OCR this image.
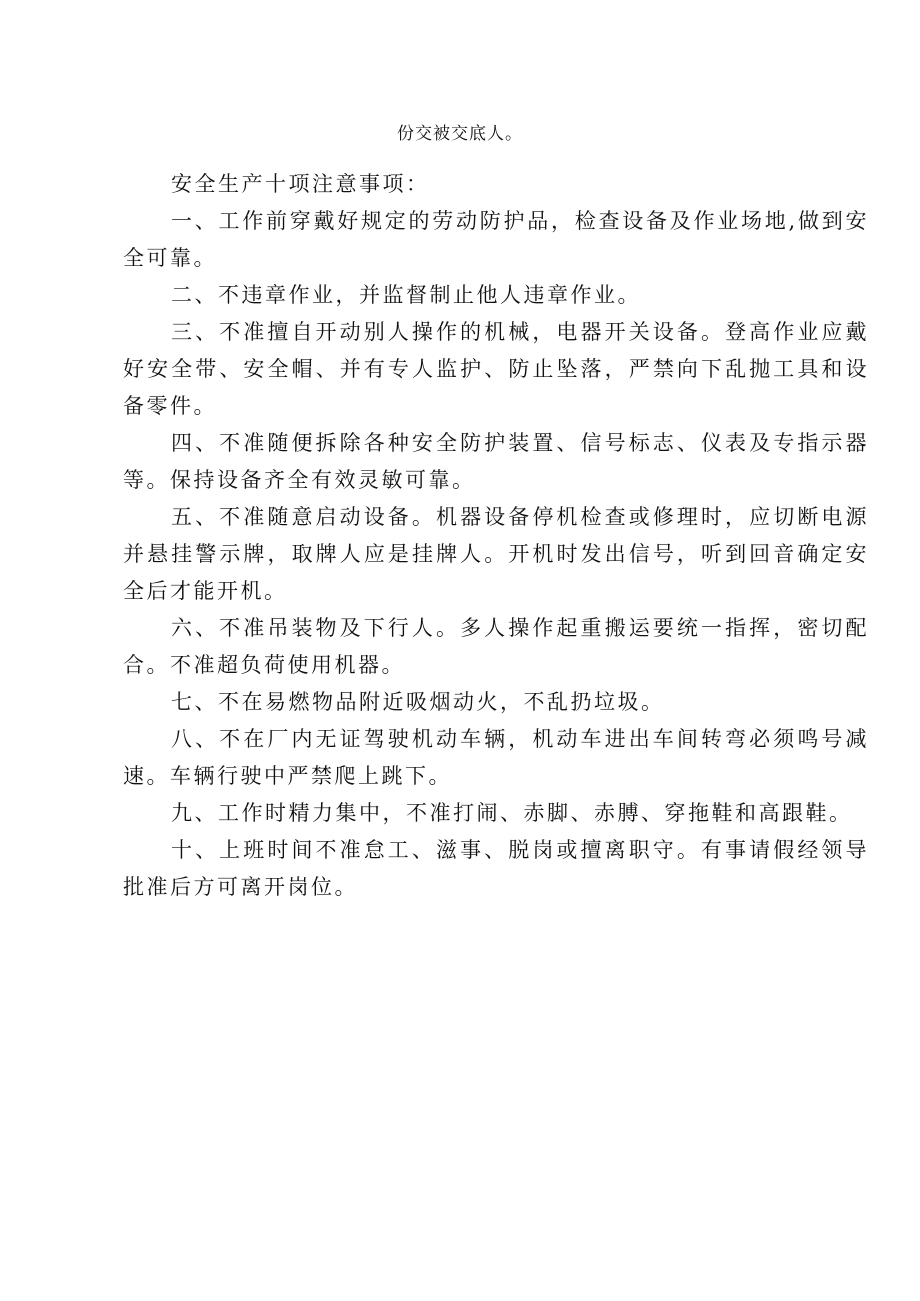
份交被交底人。

安全生产十项注意事项：

一、工作前穿戴好规定的劳动防护品，检查设备及作业场地,做到安全可靠。

二、不违章作业，并监督制止他人违章作业。

三、不准擅自开动别人操作的机械，电器开关设备。登高作业应戴好安全带、安全帽、并有专人监护、防止坠落，严禁向下乱抛工具和设备零件。

四、不准随便拆除各种安全防护装置、信号标志、仪表及专指示器等。保持设备齐全有效灵敏可靠。

五、不准随意启动设备。机器设备停机检查或修理时，应切断电源并悬挂警示牌，取牌人应是挂牌人。开机时发出信号，听到回音确定安全后才能开机。

六、不准吊装物及下行人。多人操作起重搬运要统一指挥，密切配合。不准超负荷使用机器。

七、不在易燃物品附近吸烟动火，不乱扔垃圾。

八、不在厂内无证驾驶机动车辆，机动车进出车间转弯必须鸣号减速。车辆行驶中严禁爬上跳下。

九、工作时精力集中，不准打闹、赤脚、赤膊、穿拖鞋和高跟鞋。

十、上班时间不准怠工、滋事、脱岗或擅离职守。有事请假经领导批准后方可离开岗位。
